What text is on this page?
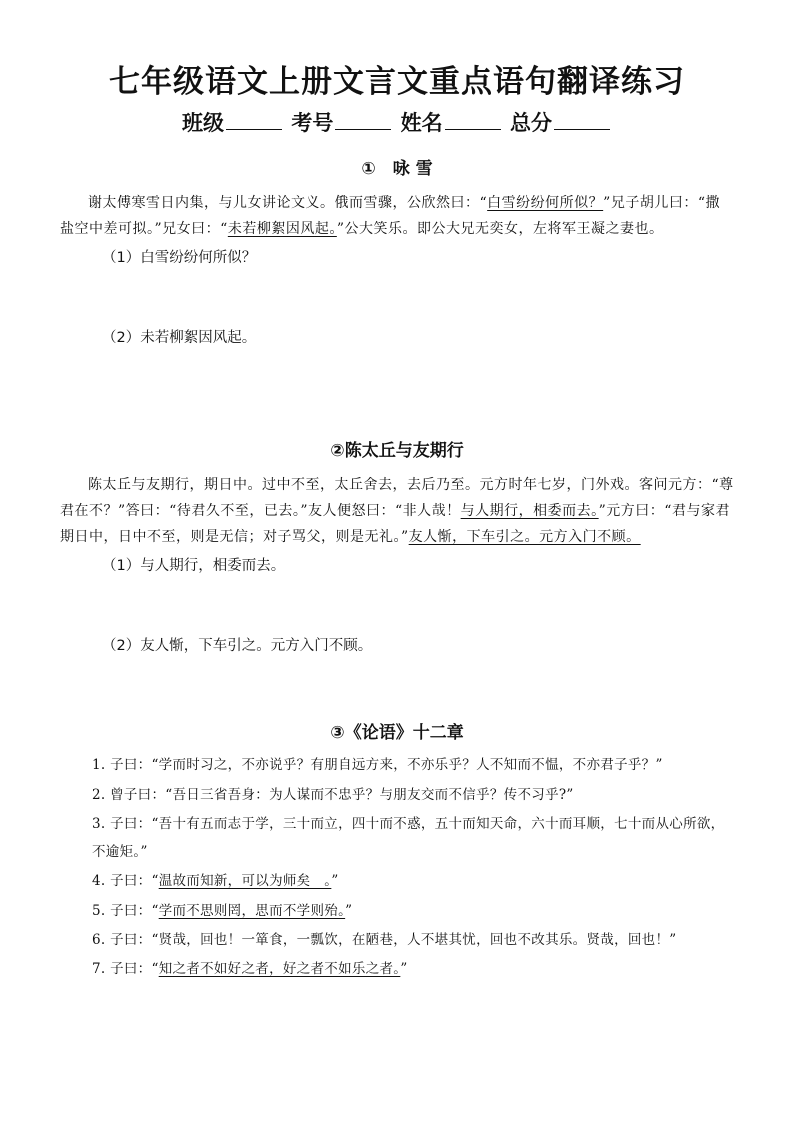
七年级语文上册文言文重点语句翻译练习
班级	考号	姓名	总分
①　咏 雪

谢太傅寒雪日内集，与儿女讲论文义。俄而雪骤，公欣然曰：“白雪纷纷何所似？”兄子胡儿曰：“撒盐空中差可拟。”兄女曰：“未若柳絮因风起。”公大笑乐。即公大兄无奕女，左将军王凝之妻也。

（1）白雪纷纷何所似？

（2）未若柳絮因风起。

②陈太丘与友期行

陈太丘与友期行，期日中。过中不至，太丘舍去，去后乃至。元方时年七岁，门外戏。客问元方：“尊君在不？”答曰：“待君久不至，已去。”友人便怒曰：“非人哉！与人期行，相委而去。”元方曰：“君与家君期日中，日中不至，则是无信；对子骂父，则是无礼。”友人惭，下车引之。元方入门不顾。

（1）与人期行，相委而去。

（2）友人惭，下车引之。元方入门不顾。

③《论语》十二章

1. 子曰：“学而时习之，不亦说乎？有朋自远方来，不亦乐乎？人不知而不愠，不亦君子乎？”

2. 曾子曰：“吾日三省吾身：为人谋而不忠乎？与朋友交而不信乎？传不习乎?”

3. 子曰：“吾十有五而志于学，三十而立，四十而不惑，五十而知天命，六十而耳顺，七十而从心所欲，不逾矩。”

4. 子曰：“温故而知新，可以为师矣　。”

5. 子曰：“学而不思则罔，思而不学则殆。”

6. 子曰：“贤哉，回也！一箪食，一瓢饮，在陋巷，人不堪其忧，回也不改其乐。贤哉，回也！”

7. 子曰：“知之者不如好之者，好之者不如乐之者。”
